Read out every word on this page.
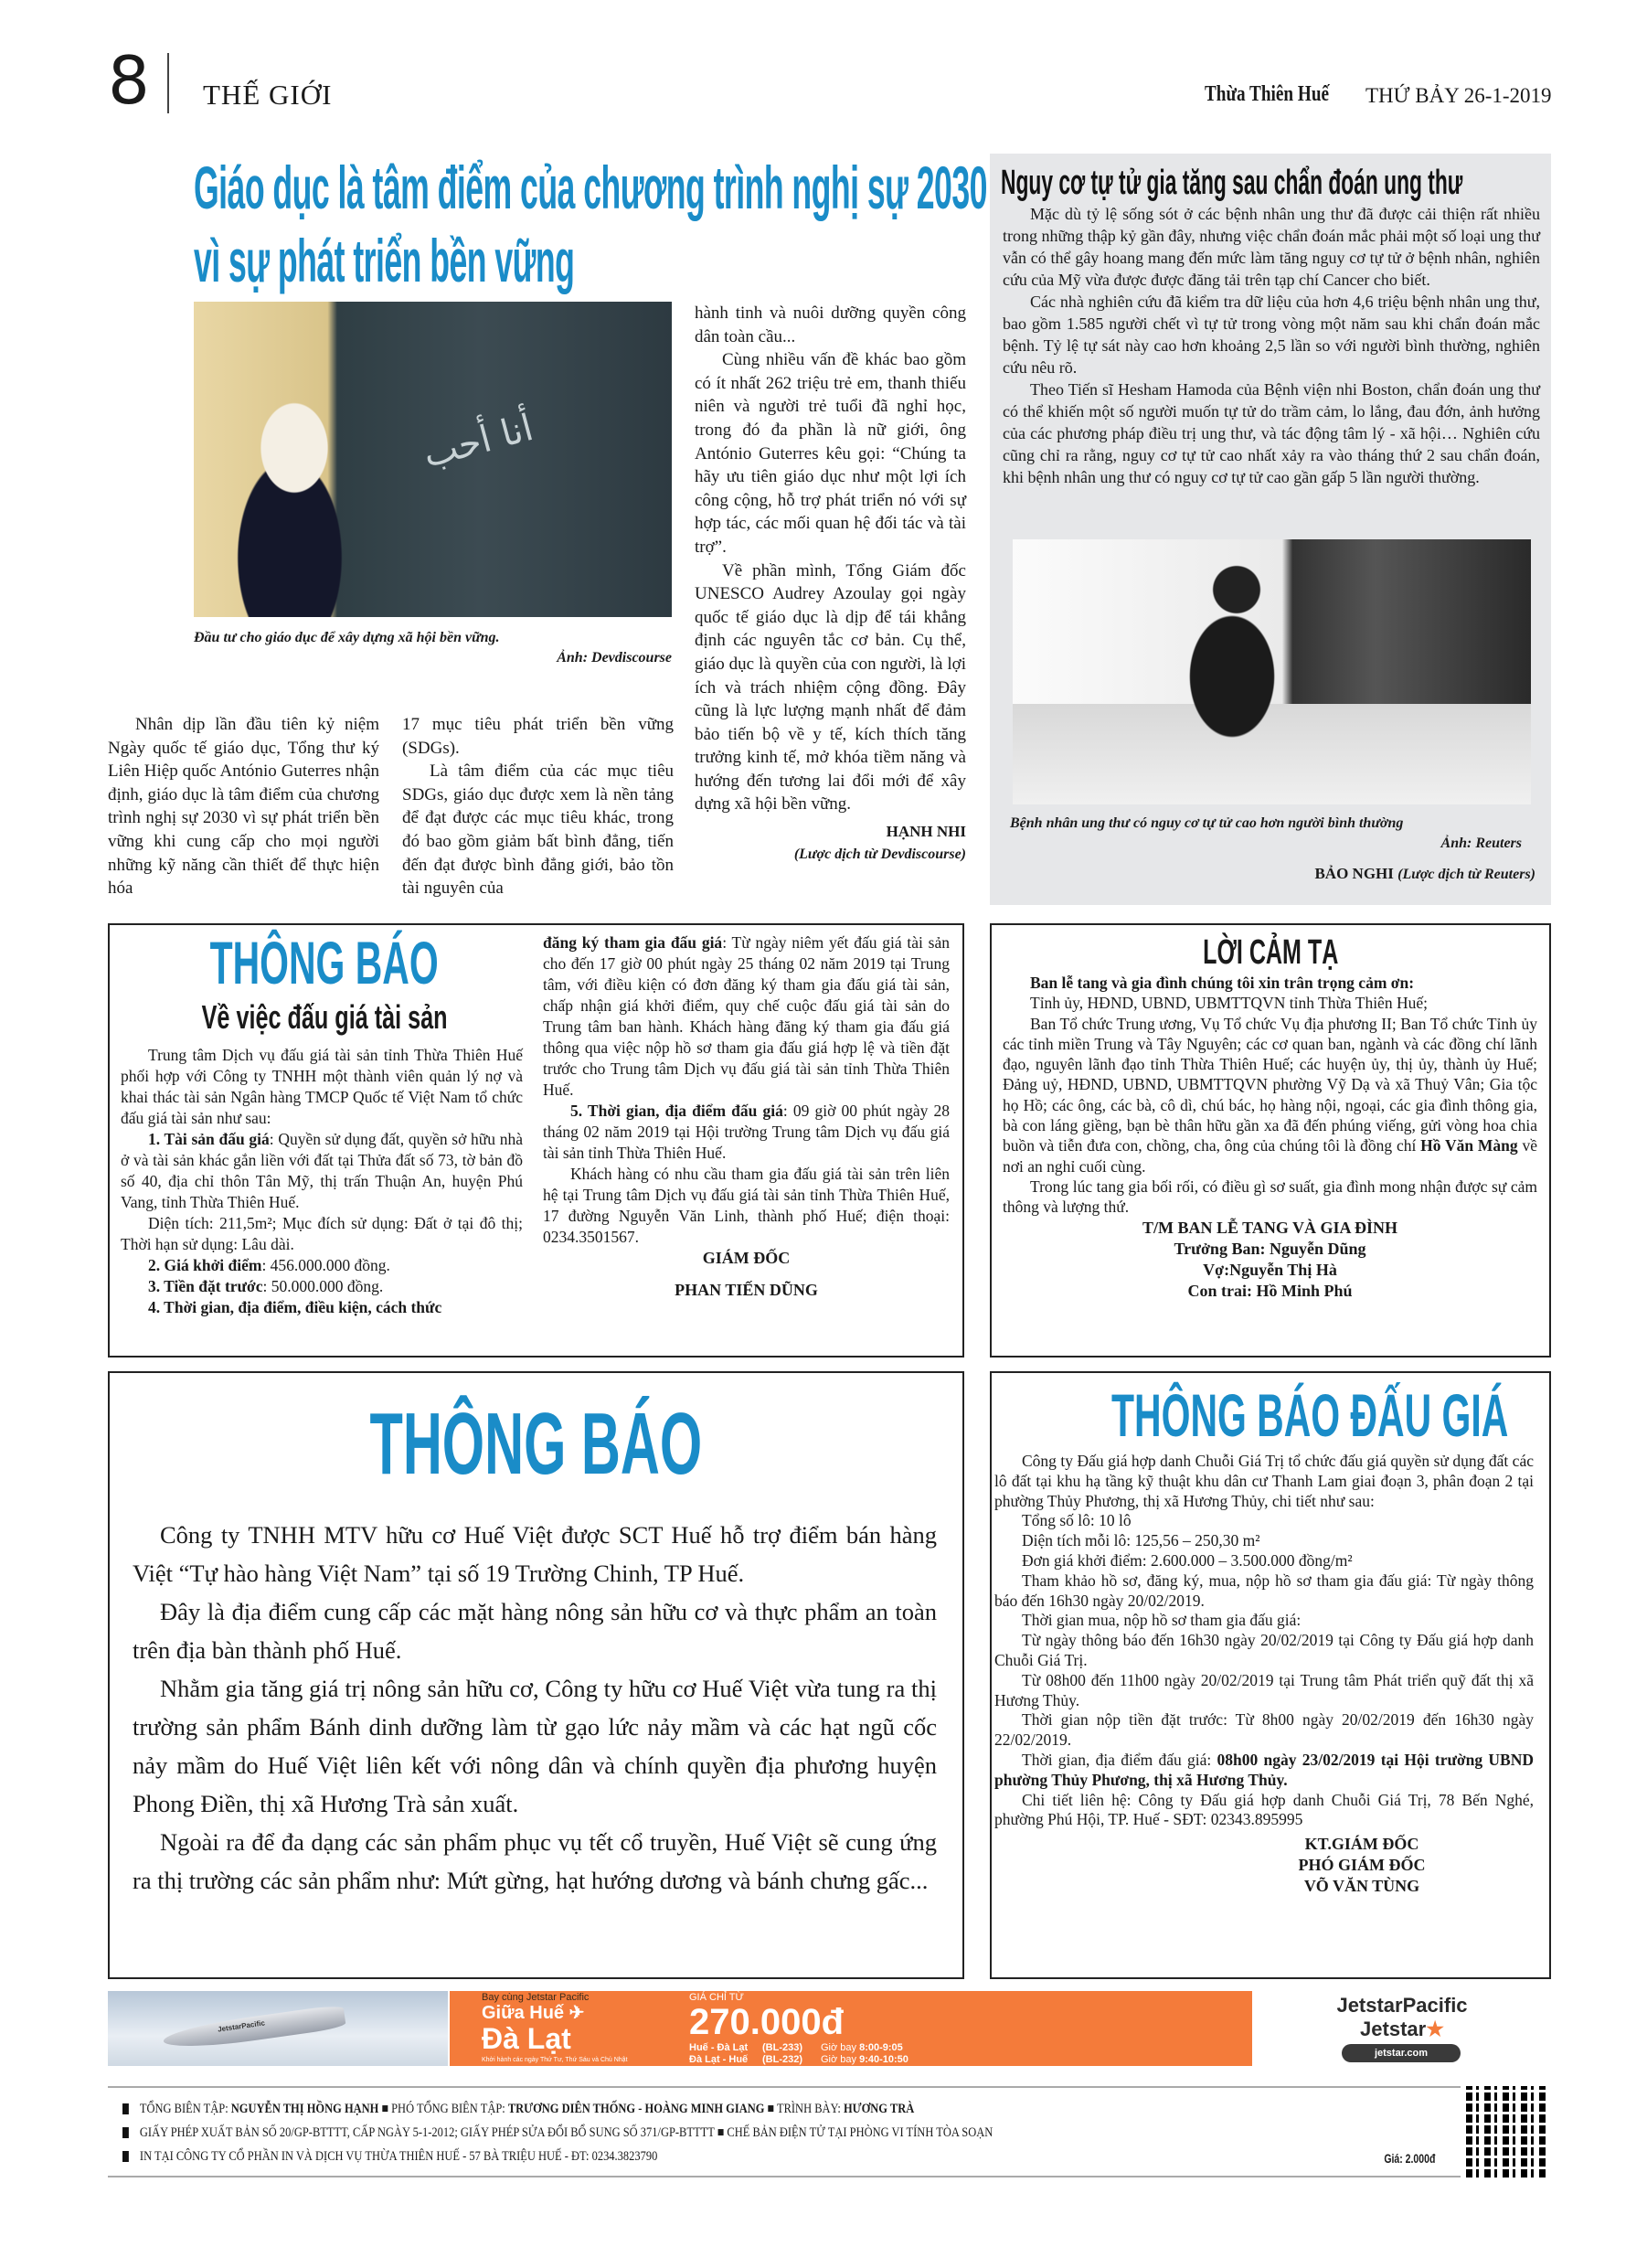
8 THẾ GIỚI	Thừa Thiên Huế THỨ BẢY 26-1-2019
Giáo dục là tâm điểm của chương trình nghị sự 2030
vì sự phát triển bền vững
ﺃﻧﺎ ﺃﺣﺐ
Đầu tư cho giáo dục để xây dựng xã hội bền vững.
Ảnh: Devdiscourse

Nhân dịp lần đầu tiên kỷ niệm Ngày quốc tế giáo dục, Tổng thư ký Liên Hiệp quốc António Guterres nhận định, giáo dục là tâm điểm của chương trình nghị sự 2030 vì sự phát triển bền vững khi cung cấp cho mọi người những kỹ năng cần thiết để thực hiện hóa

17 mục tiêu phát triển bền vững (SDGs).

Là tâm điểm của các mục tiêu SDGs, giáo dục được xem là nền tảng để đạt được các mục tiêu khác, trong đó bao gồm giảm bất bình đẳng, tiến đến đạt được bình đẳng giới, bảo tồn tài nguyên của

hành tinh và nuôi dưỡng quyền công dân toàn cầu...

Cùng nhiều vấn đề khác bao gồm có ít nhất 262 triệu trẻ em, thanh thiếu niên và người trẻ tuổi đã nghỉ học, trong đó đa phần là nữ giới, ông António Guterres kêu gọi: “Chúng ta hãy ưu tiên giáo dục như một lợi ích công cộng, hỗ trợ phát triển nó với sự hợp tác, các mối quan hệ đối tác và tài trợ”.

Về phần mình, Tổng Giám đốc UNESCO Audrey Azoulay gọi ngày quốc tế giáo dục là dịp để tái khẳng định các nguyên tắc cơ bản. Cụ thể, giáo dục là quyền của con người, là lợi ích và trách nhiệm cộng đồng. Đây cũng là lực lượng mạnh nhất để đảm bảo tiến bộ về y tế, kích thích tăng trưởng kinh tế, mở khóa tiềm năng và hướng đến tương lai đổi mới để xây dựng xã hội bền vững.

HẠNH NHI
(Lược dịch từ Devdiscourse)
Nguy cơ tự tử gia tăng sau chẩn đoán ung thư

Mặc dù tỷ lệ sống sót ở các bệnh nhân ung thư đã được cải thiện rất nhiều trong những thập kỷ gần đây, nhưng việc chẩn đoán mắc phải một số loại ung thư vẫn có thể gây hoang mang đến mức làm tăng nguy cơ tự tử ở bệnh nhân, nghiên cứu của Mỹ vừa được được đăng tải trên tạp chí Cancer cho biết.

Các nhà nghiên cứu đã kiểm tra dữ liệu của hơn 4,6 triệu bệnh nhân ung thư, bao gồm 1.585 người chết vì tự tử trong vòng một năm sau khi chẩn đoán mắc bệnh. Tỷ lệ tự sát này cao hơn khoảng 2,5 lần so với người bình thường, nghiên cứu nêu rõ.

Theo Tiến sĩ Hesham Hamoda của Bệnh viện nhi Boston, chẩn đoán ung thư có thể khiến một số người muốn tự tử do trầm cảm, lo lắng, đau đớn, ảnh hưởng của các phương pháp điều trị ung thư, và tác động tâm lý - xã hội… Nghiên cứu cũng chỉ ra rằng, nguy cơ tự tử cao nhất xảy ra vào tháng thứ 2 sau chẩn đoán, khi bệnh nhân ung thư có nguy cơ tự tử cao gần gấp 5 lần người thường.

Bệnh nhân ung thư có nguy cơ tự tử cao hơn người bình thường
Ảnh: Reuters
BẢO NGHI (Lược dịch từ Reuters)
THÔNG BÁO
Về việc đấu giá tài sản

Trung tâm Dịch vụ đấu giá tài sản tỉnh Thừa Thiên Huế phối hợp với Công ty TNHH một thành viên quản lý nợ và khai thác tài sản Ngân hàng TMCP Quốc tế Việt Nam tổ chức đấu giá tài sản như sau:

1. Tài sản đấu giá: Quyền sử dụng đất, quyền sở hữu nhà ở và tài sản khác gắn liền với đất tại Thửa đất số 73, tờ bản đồ số 40, địa chỉ thôn Tân Mỹ, thị trấn Thuận An, huyện Phú Vang, tỉnh Thừa Thiên Huế.

Diện tích: 211,5m²; Mục đích sử dụng: Đất ở tại đô thị; Thời hạn sử dụng: Lâu dài.

2. Giá khởi điểm: 456.000.000 đồng.

3. Tiền đặt trước: 50.000.000 đồng.

4. Thời gian, địa điểm, điều kiện, cách thức

đăng ký tham gia đấu giá: Từ ngày niêm yết đấu giá tài sản cho đến 17 giờ 00 phút ngày 25 tháng 02 năm 2019 tại Trung tâm, với điều kiện có đơn đăng ký tham gia đấu giá tài sản, chấp nhận giá khởi điểm, quy chế cuộc đấu giá tài sản do Trung tâm ban hành. Khách hàng đăng ký tham gia đấu giá thông qua việc nộp hồ sơ tham gia đấu giá hợp lệ và tiền đặt trước cho Trung tâm Dịch vụ đấu giá tài sản tỉnh Thừa Thiên Huế.

5. Thời gian, địa điểm đấu giá: 09 giờ 00 phút ngày 28 tháng 02 năm 2019 tại Hội trường Trung tâm Dịch vụ đấu giá tài sản tỉnh Thừa Thiên Huế.

Khách hàng có nhu cầu tham gia đấu giá tài sản trên liên hệ tại Trung tâm Dịch vụ đấu giá tài sản tỉnh Thừa Thiên Huế, 17 đường Nguyễn Văn Linh, thành phố Huế; điện thoại: 0234.3501567.

GIÁM ĐỐC
PHAN TIẾN DŨNG
LỜI CẢM TẠ

Ban lễ tang và gia đình chúng tôi xin trân trọng cảm ơn:

Tỉnh ủy, HĐND, UBND, UBMTTQVN tỉnh Thừa Thiên Huế;

Ban Tổ chức Trung ương, Vụ Tổ chức Vụ địa phương II; Ban Tổ chức Tỉnh ủy các tỉnh miền Trung và Tây Nguyên; các cơ quan ban, ngành và các đồng chí lãnh đạo, nguyên lãnh đạo tỉnh Thừa Thiên Huế; các huyện ủy, thị ủy, thành ủy Huế; Đảng uỷ, HĐND, UBND, UBMTTQVN phường Vỹ Dạ và xã Thuỷ Vân; Gia tộc họ Hồ; các ông, các bà, cô dì, chú bác, họ hàng nội, ngoại, các gia đình thông gia, bà con láng giềng, bạn bè thân hữu gần xa đã đến phúng viếng, gửi vòng hoa chia buồn và tiễn đưa con, chồng, cha, ông của chúng tôi là đồng chí Hồ Văn Màng về nơi an nghỉ cuối cùng.

Trong lúc tang gia bối rối, có điều gì sơ suất, gia đình mong nhận được sự cảm thông và lượng thứ.

T/M BAN LỄ TANG VÀ GIA ĐÌNH
Trưởng Ban: Nguyễn Dũng
Vợ:Nguyễn Thị Hà
Con trai: Hồ Minh Phú
THÔNG BÁO

Công ty TNHH MTV hữu cơ Huế Việt được SCT Huế hỗ trợ điểm bán hàng Việt “Tự hào hàng Việt Nam” tại số 19 Trường Chinh, TP Huế.

Đây là địa điểm cung cấp các mặt hàng nông sản hữu cơ và thực phẩm an toàn trên địa bàn thành phố Huế.

Nhằm gia tăng giá trị nông sản hữu cơ, Công ty hữu cơ Huế Việt vừa tung ra thị trường sản phẩm Bánh dinh dưỡng làm từ gạo lức nảy mầm và các hạt ngũ cốc nảy mầm do Huế Việt liên kết với nông dân và chính quyền địa phương huyện Phong Điền, thị xã Hương Trà sản xuất.

Ngoài ra để đa dạng các sản phẩm phục vụ tết cổ truyền, Huế Việt sẽ cung ứng ra thị trường các sản phẩm như: Mứt gừng, hạt hướng dương và bánh chưng gấc...

THÔNG BÁO ĐẤU GIÁ

Công ty Đấu giá hợp danh Chuỗi Giá Trị tổ chức đấu giá quyền sử dụng đất các lô đất tại khu hạ tầng kỹ thuật khu dân cư Thanh Lam giai đoạn 3, phân đoạn 2 tại phường Thủy Phương, thị xã Hương Thủy, chi tiết như sau:

Tổng số lô: 10 lô

Diện tích mỗi lô: 125,56 – 250,30 m²

Đơn giá khởi điểm: 2.600.000 – 3.500.000 đồng/m²

Tham khảo hồ sơ, đăng ký, mua, nộp hồ sơ tham gia đấu giá: Từ ngày thông báo đến 16h30 ngày 20/02/2019.

Thời gian mua, nộp hồ sơ tham gia đấu giá:

Từ ngày thông báo đến 16h30 ngày 20/02/2019 tại Công ty Đấu giá hợp danh Chuỗi Giá Trị.

Từ 08h00 đến 11h00 ngày 20/02/2019 tại Trung tâm Phát triển quỹ đất thị xã Hương Thủy.

Thời gian nộp tiền đặt trước: Từ 8h00 ngày 20/02/2019 đến 16h30 ngày 22/02/2019.

Thời gian, địa điểm đấu giá: 08h00 ngày 23/02/2019 tại Hội trường UBND phường Thủy Phương, thị xã Hương Thủy.

Chi tiết liên hệ: Công ty Đấu giá hợp danh Chuỗi Giá Trị, 78 Bến Nghé, phường Phú Hội, TP. Huế - SĐT: 02343.895995

KT.GIÁM ĐỐC
PHÓ GIÁM ĐỐC
VÕ VĂN TÙNG
JetstarPacific
Bay cùng Jetstar Pacific
Giữa Huế ✈
Đà Lạt
Khởi hành các ngày Thứ Tư, Thứ Sáu và Chủ Nhật
GIÁ CHỈ TỪ
270.000đ
Huế - Đà Lạt (BL-233) Giờ bay 8:00-9:05
Đà Lạt - Huế (BL-232) Giờ bay 9:40-10:50
JetstarPacific
Jetstar★
jetstar.com
TỔNG BIÊN TẬP: NGUYỄN THỊ HỒNG HẠNH ■ PHÓ TỔNG BIÊN TẬP: TRƯƠNG DIÊN THỐNG - HOÀNG MINH GIANG ■ TRÌNH BÀY: HƯƠNG TRÀ
GIẤY PHÉP XUẤT BẢN SỐ 20/GP-BTTTT, CẤP NGÀY 5-1-2012; GIẤY PHÉP SỬA ĐỔI BỔ SUNG SỐ 371/GP-BTTTT ■ CHẾ BẢN ĐIỆN TỬ TẠI PHÒNG VI TÍNH TÒA SOẠN
IN TẠI CÔNG TY CỔ PHẦN IN VÀ DỊCH VỤ THỪA THIÊN HUẾ - 57 BÀ TRIỆU HUẾ - ĐT: 0234.3823790	Giá: 2.000đ
